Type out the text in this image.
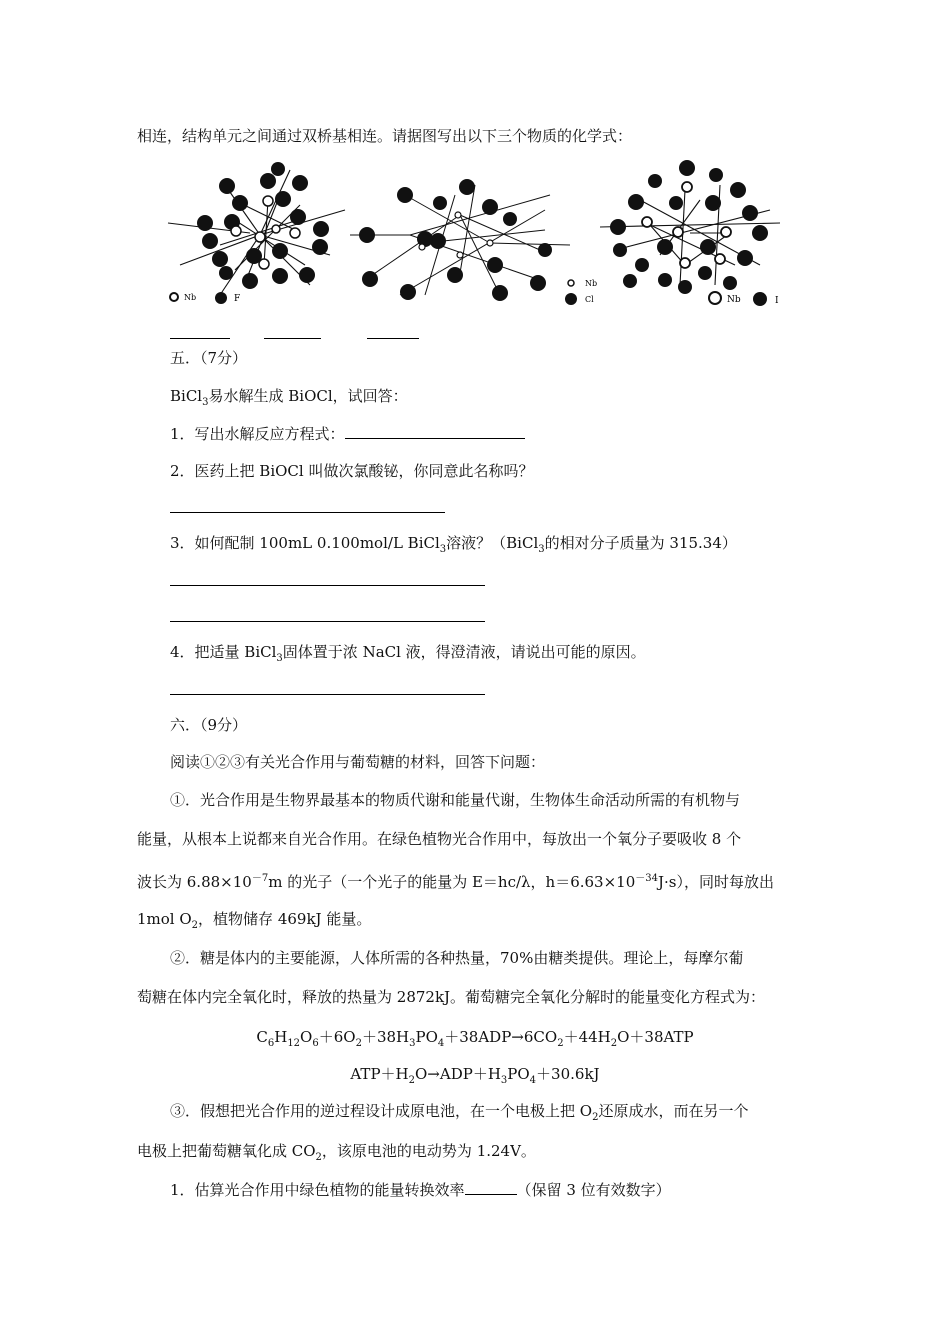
相连，结构单元之间通过双桥基相连。请据图写出以下三个物质的化学式：
Nb	F
Nb
Cl	Nb	I
五．（7分）
BiCl$_3$易水解生成 BiOCl，试回答：
1．写出水解反应方程式：
2．医药上把 BiOCl 叫做次氯酸铋，你同意此名称吗？
3．如何配制 100mL 0.100mol/L BiCl$_3$溶液？（BiCl$_3$的相对分子质量为 315.34）
4．把适量 BiCl$_3$固体置于浓 NaCl 液，得澄清液，请说出可能的原因。
六．（9分）
阅读①②③有关光合作用与葡萄糖的材料，回答下问题：
①．光合作用是生物界最基本的物质代谢和能量代谢，生物体生命活动所需的有机物与
能量，从根本上说都来自光合作用。在绿色植物光合作用中，每放出一个氧分子要吸收 8 个
波长为 $6.88\times 10^{-7}m$ 的光子（一个光子的能量为 E＝hc/λ，$h=6.63\times 10^{-34}J\cdot s$），同时每放出
1mol $O_2$，植物储存 469kJ 能量。
②．糖是体内的主要能源，人体所需的各种热量，70%由糖类提供。理论上，每摩尔葡
萄糖在体内完全氧化时，释放的热量为 2872kJ。葡萄糖完全氧化分解时的能量变化方程式为：
$C_6H_{12}O_6+6O_2+38H_3PO_4+38ADP\to 6CO_2+44H_2O+38ATP$
$ATP+H_2O\to ADP+H_3PO_4+30.6kJ$
③．假想把光合作用的逆过程设计成原电池，在一个电极上把 $O_2$还原成水，而在另一个
电极上把葡萄糖氧化成 $CO_2$，该原电池的电动势为 1.24V。
1．估算光合作用中绿色植物的能量转换效率	（保留 3 位有效数字）
